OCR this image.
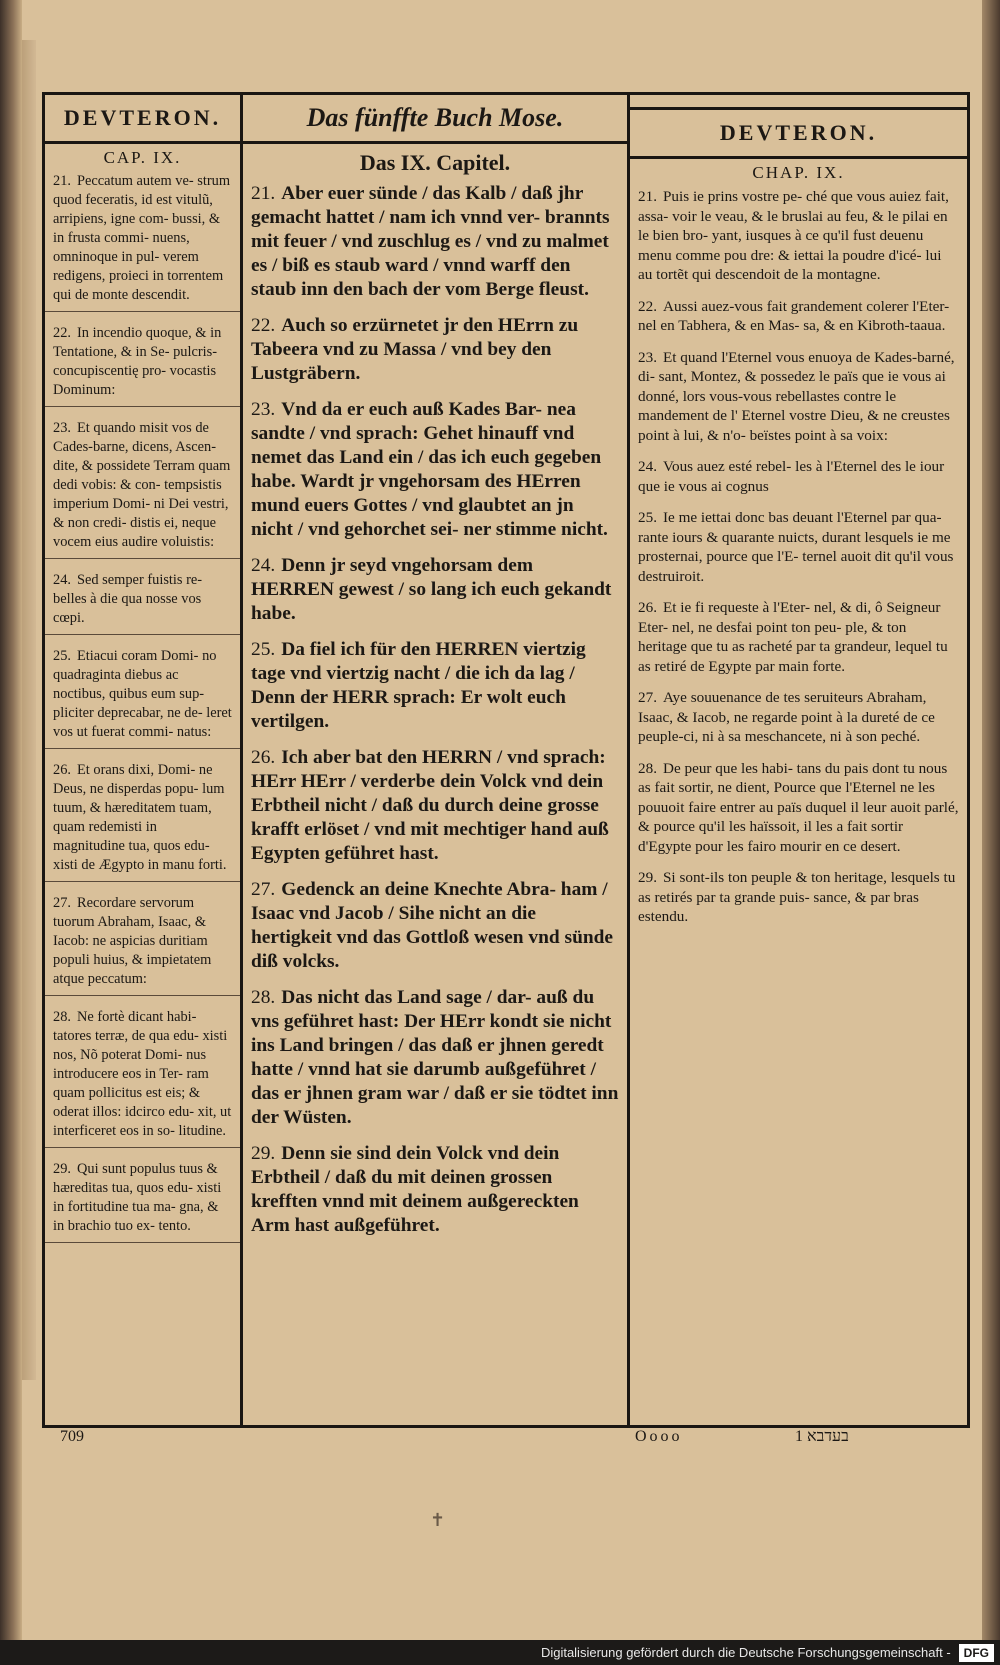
DEVTERON.
CAP. IX.
21. Peccatum autem ve- strum quod feceratis, id est vitulũ, arripiens, igne com- bussi, & in frusta commi- nuens, omninoque in pul- verem redigens, proieci in torrentem qui de monte descendit.
22. In incendio quoque, & in Tentatione, & in Se- pulcris-concupiscentię pro- vocastis Dominum:
23. Et quando misit vos de Cades-barne, dicens, Ascen- dite, & possidete Terram quam dedi vobis: & con- tempsistis imperium Domi- ni Dei vestri, & non credi- distis ei, neque vocem eius audire voluistis:
24. Sed semper fuistis re- belles à die qua nosse vos cœpi.
25. Etiacui coram Domi- no quadraginta diebus ac noctibus, quibus eum sup- pliciter deprecabar, ne de- leret vos ut fuerat commi- natus:
26. Et orans dixi, Domi- ne Deus, ne disperdas popu- lum tuum, & hæreditatem tuam, quam redemisti in magnitudine tua, quos edu- xisti de Ægypto in manu forti.
27. Recordare servorum tuorum Abraham, Isaac, & Iacob: ne aspicias duritiam populi huius, & impietatem atque peccatum:
28. Ne fortè dicant habi- tatores terræ, de qua edu- xisti nos, Nõ poterat Domi- nus introducere eos in Ter- ram quam pollicitus est eis; & oderat illos: idcirco edu- xit, ut interficeret eos in so- litudine.
29. Qui sunt populus tuus & hæreditas tua, quos edu- xisti in fortitudine tua ma- gna, & in brachio tuo ex- tento.
Das fünffte Buch Mose.
Das IX. Capitel.
21. Aber euer sünde / das Kalb / daß jhr gemacht hattet / nam ich vnnd ver- brannts mit feuer / vnd zuschlug es / vnd zu malmet es / biß es staub ward / vnnd warff den staub inn den bach der vom Berge fleust.
22. Auch so erzürnetet jr den HErrn zu Tabeera vnd zu Massa / vnd bey den Lustgräbern.
23. Vnd da er euch auß Kades Bar- nea sandte / vnd sprach: Gehet hinauff vnd nemet das Land ein / das ich euch gegeben habe. Wardt jr vngehorsam des HErren mund euers Gottes / vnd glaubtet an jn nicht / vnd gehorchet sei- ner stimme nicht.
24. Denn jr seyd vngehorsam dem HERREN gewest / so lang ich euch gekandt habe.
25. Da fiel ich für den HERREN viertzig tage vnd viertzig nacht / die ich da lag / Denn der HERR sprach: Er wolt euch vertilgen.
26. Ich aber bat den HERRN / vnd sprach: HErr HErr / verderbe dein Volck vnd dein Erbtheil nicht / daß du durch deine grosse krafft erlöset / vnd mit mechtiger hand auß Egypten geführet hast.
27. Gedenck an deine Knechte Abra- ham / Isaac vnd Jacob / Sihe nicht an die hertigkeit vnd das Gottloß wesen vnd sünde diß volcks.
28. Das nicht das Land sage / dar- auß du vns geführet hast: Der HErr kondt sie nicht ins Land bringen / das daß er jhnen geredt hatte / vnnd hat sie darumb außgeführet / das er jhnen gram war / daß er sie tödtet inn der Wüsten.
29. Denn sie sind dein Volck vnd dein Erbtheil / daß du mit deinen grossen krefften vnnd mit deinem außgereckten Arm hast außgeführet.
DEVTERON.
CHAP. IX.
21. Puis ie prins vostre pe- ché que vous auiez fait, assa- voir le veau, & le bruslai au feu, & le pilai en le bien bro- yant, iusques à ce qu'il fust deuenu menu comme pou dre: & iettai la poudre d'icé- lui au tortẽt qui descendoit de la montagne.
22. Aussi auez-vous fait grandement colerer l'Eter- nel en Tabhera, & en Mas- sa, & en Kibroth-taaua.
23. Et quand l'Eternel vous enuoya de Kades-barné, di- sant, Montez, & possedez le païs que ie vous ai donné, lors vous-vous rebellastes contre le mandement de l' Eternel vostre Dieu, & ne creustes point à lui, & n'o- beïstes point à sa voix:
24. Vous auez esté rebel- les à l'Eternel des le iour que ie vous ai cognus
25. Ie me iettai donc bas deuant l'Eternel par qua- rante iours & quarante nuicts, durant lesquels ie me prosternai, pource que l'E- ternel auoit dit qu'il vous destruiroit.
26. Et ie fi requeste à l'Eter- nel, & di, ô Seigneur Eter- nel, ne desfai point ton peu- ple, & ton heritage que tu as racheté par ta grandeur, lequel tu as retiré de Egypte par main forte.
27. Aye souuenance de tes seruiteurs Abraham, Isaac, & Iacob, ne regarde point à la dureté de ce peuple-ci, ni à sa meschancete, ni à son peché.
28. De peur que les habi- tans du pais dont tu nous as fait sortir, ne dient, Pource que l'Eternel ne les pouuoit faire entrer au païs duquel il leur auoit parlé, & pource qu'il les haïssoit, il les a fait sortir d'Egypte pour les fairo mourir en ce desert.
29. Si sont-ils ton peuple & ton heritage, lesquels tu as retirés par ta grande puis- sance, & par bras estendu.
709	Oooo	בעדבא 1
✝
Digitalisierung gefördert durch die Deutsche Forschungsgemeinschaft - DFG
